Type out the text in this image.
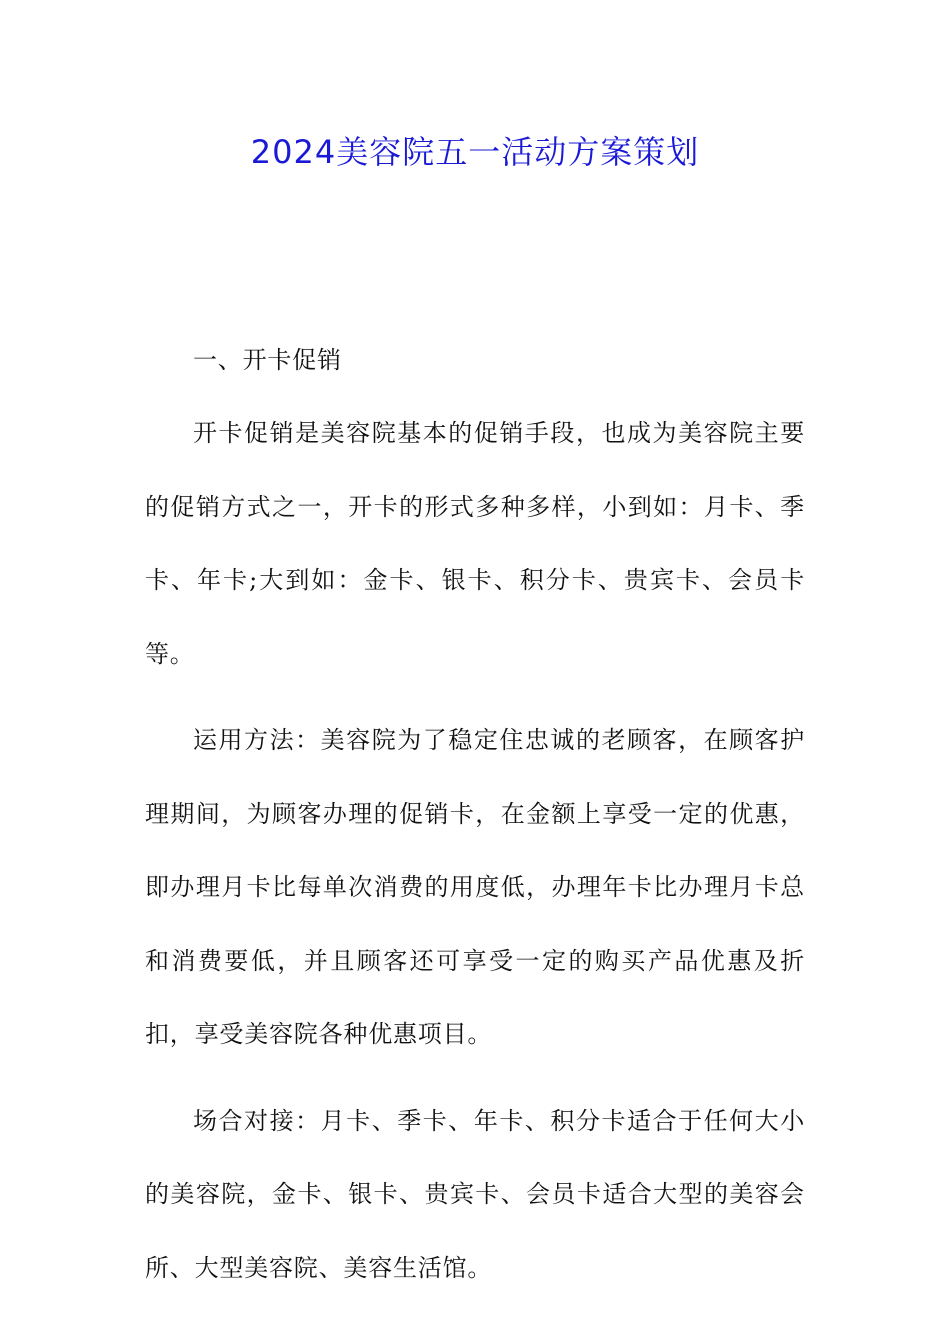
2024美容院五一活动方案策划

一、开卡促销

开卡促销是美容院基本的促销手段，也成为美容院主要的促销方式之一，开卡的形式多种多样，小到如：月卡、季卡、年卡;大到如：金卡、银卡、积分卡、贵宾卡、会员卡等。

运用方法：美容院为了稳定住忠诚的老顾客，在顾客护理期间，为顾客办理的促销卡，在金额上享受一定的优惠，即办理月卡比每单次消费的用度低，办理年卡比办理月卡总和消费要低，并且顾客还可享受一定的购买产品优惠及折扣，享受美容院各种优惠项目。

场合对接：月卡、季卡、年卡、积分卡适合于任何大小的美容院，金卡、银卡、贵宾卡、会员卡适合大型的美容会所、大型美容院、美容生活馆。
